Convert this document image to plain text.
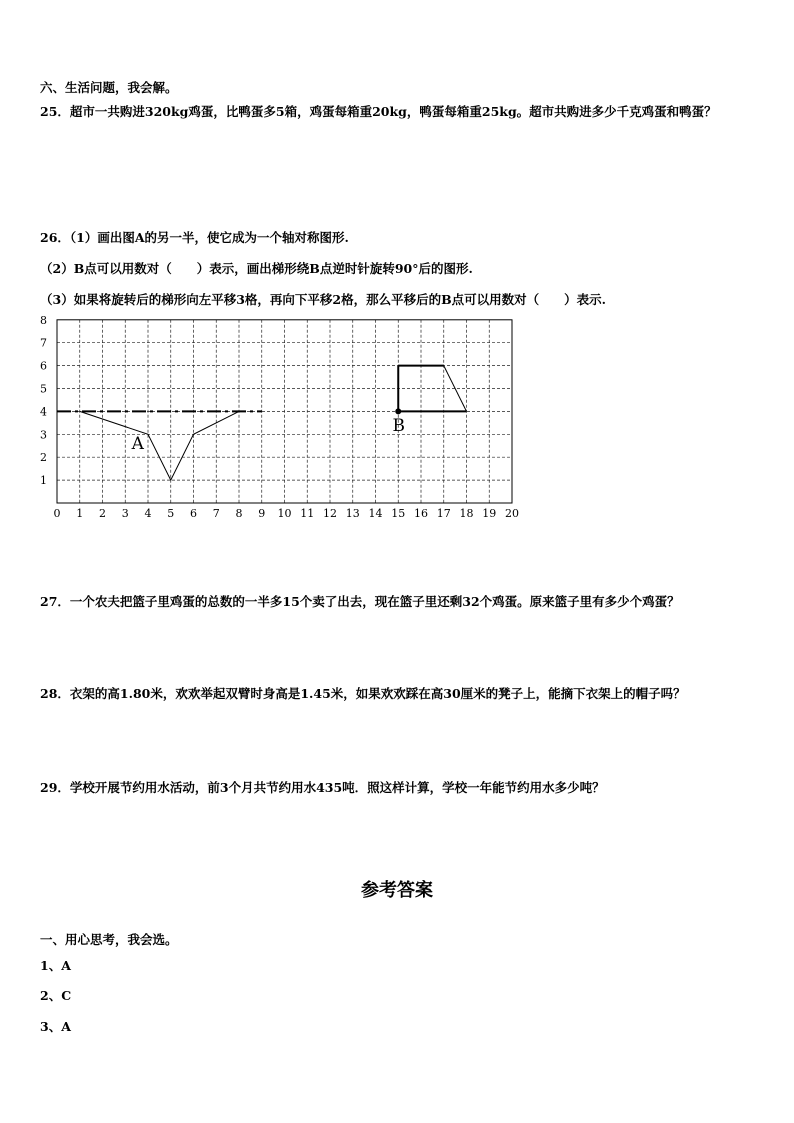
六、生活问题，我会解。
25．超市一共购进320kg鸡蛋，比鸭蛋多5箱，鸡蛋每箱重20kg，鸭蛋每箱重25kg。超市共购进多少千克鸡蛋和鸭蛋？
26．（1）画出图A的另一半，使它成为一个轴对称图形.
（2）B点可以用数对（　　）表示，画出梯形绕B点逆时针旋转90°后的图形.
（3）如果将旋转后的梯形向左平移3格，再向下平移2格，那么平移后的B点可以用数对（　　）表示.
0 1 2 3 4 5 6 7 8 9 10 11 12 13 14 15 16 17 18 19 20
1
2
3
4
5
6
7
8
A
B
27．一个农夫把篮子里鸡蛋的总数的一半多15个卖了出去，现在篮子里还剩32个鸡蛋。原来篮子里有多少个鸡蛋？
28．衣架的高1.80米，欢欢举起双臂时身高是1.45米，如果欢欢踩在高30厘米的凳子上，能摘下衣架上的帽子吗？
29．学校开展节约用水活动，前3个月共节约用水435吨．照这样计算，学校一年能节约用水多少吨？
参考答案
一、用心思考，我会选。
1、A
2、C
3、A
